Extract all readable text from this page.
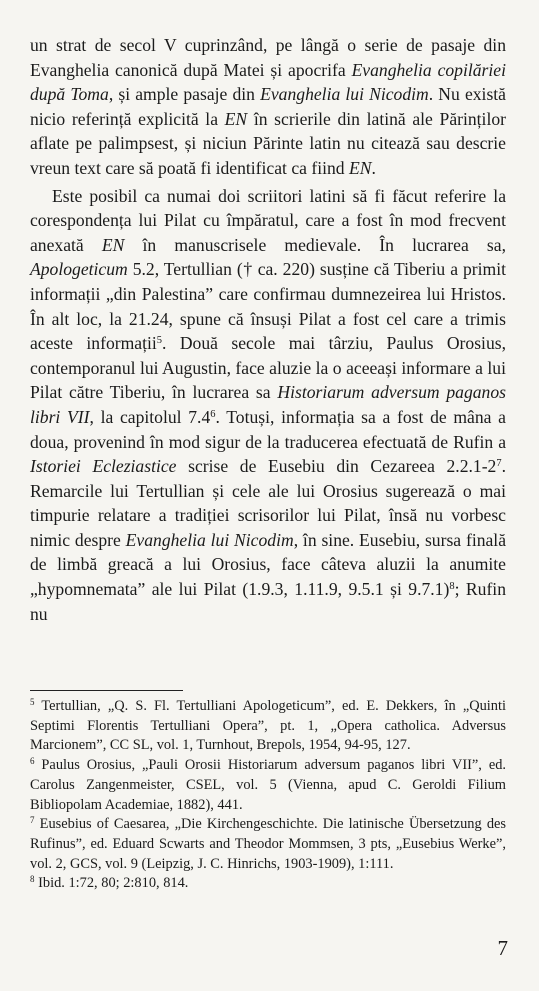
un strat de secol V cuprinzând, pe lângă o serie de pasaje din Evanghelia canonică după Matei și apocrifa Evanghelia copilăriei după Toma, și ample pasaje din Evanghelia lui Nicodim. Nu există nicio referință explicită la EN în scrierile din latină ale Părinților aflate pe palimpsest, și niciun Părinte latin nu citează sau descrie vreun text care să poată fi identificat ca fiind EN.

Este posibil ca numai doi scriitori latini să fi făcut referire la corespondența lui Pilat cu împăratul, care a fost în mod frecvent anexată EN în manuscrisele medievale. În lucrarea sa, Apologeticum 5.2, Tertullian († ca. 220) susține că Tiberiu a primit informații „din Palestina” care confirmau dumnezeirea lui Hristos. În alt loc, la 21.24, spune că însuși Pilat a fost cel care a trimis aceste informații$^5$. Două secole mai târziu, Paulus Orosius, contemporanul lui Augustin, face aluzie la o aceeași informare a lui Pilat către Tiberiu, în lucrarea sa Historiarum adversum paganos libri VII, la capitolul $7.4^6$. Totuși, informația sa a fost de mâna a doua, provenind în mod sigur de la traducerea efectuată de Rufin a Istoriei Ecleziastice scrise de Eusebiu din Cezareea $2.2.1-2^7$. Remarcile lui Tertullian și cele ale lui Orosius sugerează o mai timpurie relatare a tradiției scrisorilor lui Pilat, însă nu vorbesc nimic despre Evanghelia lui Nicodim, în sine. Eusebiu, sursa finală de limbă greacă a lui Orosius, face câteva aluzii la anumite „hypomnemata” ale lui Pilat (1.9.3, 1.11.9, 9.5.1 și 9.7.1)$^8$; Rufin nu

$^5$ Tertullian, „Q. S. Fl. Tertulliani Apologeticum”, ed. E. Dekkers, în „Quinti Septimi Florentis Tertulliani Opera”, pt. 1, „Opera catholica. Adversus Marcionem”, CC SL, vol. 1, Turnhout, Brepols, 1954, 94-95, 127.

$^6$ Paulus Orosius, „Pauli Orosii Historiarum adversum paganos libri VII”, ed. Carolus Zangenmeister, CSEL, vol. 5 (Vienna, apud C. Geroldi Filium Bibliopolam Academiae, 1882), 441.

$^7$ Eusebius of Caesarea, „Die Kirchengeschichte. Die latinische Übersetzung des Rufinus”, ed. Eduard Scwarts and Theodor Mommsen, 3 pts, „Eusebius Werke”, vol. 2, GCS, vol. 9 (Leipzig, J. C. Hinrichs, 1903-1909), 1:111.

$^8$ Ibid. 1:72, 80; 2:810, 814.

7
